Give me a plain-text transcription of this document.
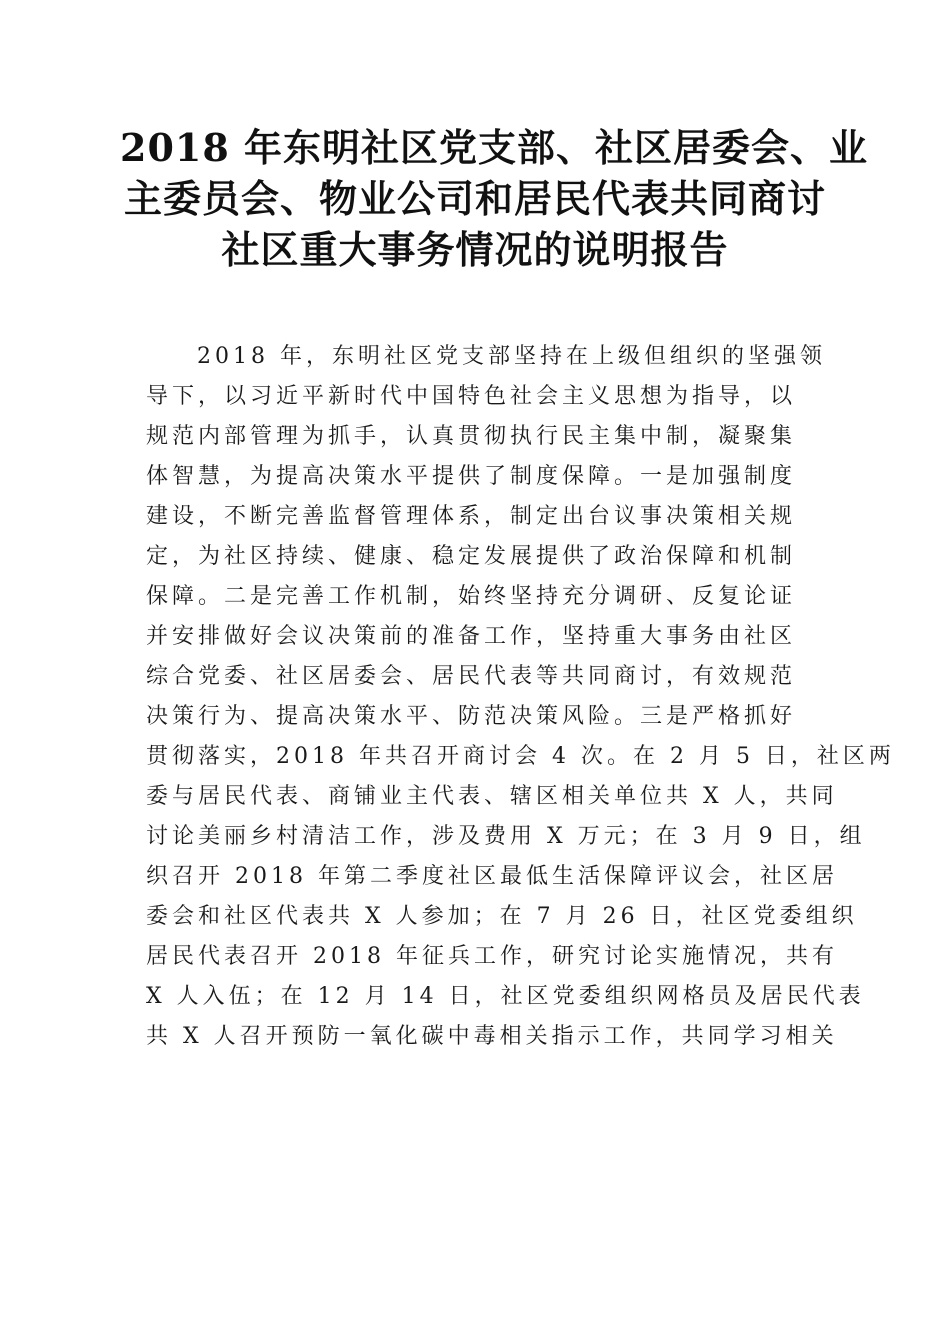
2018 年东明社区党支部、社区居委会、业
主委员会、物业公司和居民代表共同商讨
社区重大事务情况的说明报告
2018 年，东明社区党支部坚持在上级但组织的坚强领
导下，以习近平新时代中国特色社会主义思想为指导，以
规范内部管理为抓手，认真贯彻执行民主集中制，凝聚集
体智慧，为提高决策水平提供了制度保障。一是加强制度
建设，不断完善监督管理体系，制定出台议事决策相关规
定，为社区持续、健康、稳定发展提供了政治保障和机制
保障。二是完善工作机制，始终坚持充分调研、反复论证
并安排做好会议决策前的准备工作，坚持重大事务由社区
综合党委、社区居委会、居民代表等共同商讨，有效规范
决策行为、提高决策水平、防范决策风险。三是严格抓好
贯彻落实，2018 年共召开商讨会 4 次。在 2 月 5 日，社区两
委与居民代表、商铺业主代表、辖区相关单位共 X 人，共同
讨论美丽乡村清洁工作，涉及费用 X 万元；在 3 月 9 日，组
织召开 2018 年第二季度社区最低生活保障评议会，社区居
委会和社区代表共 X 人参加；在 7 月 26 日，社区党委组织
居民代表召开 2018 年征兵工作，研究讨论实施情况，共有
X 人入伍；在 12 月 14 日，社区党委组织网格员及居民代表
共 X 人召开预防一氧化碳中毒相关指示工作，共同学习相关
